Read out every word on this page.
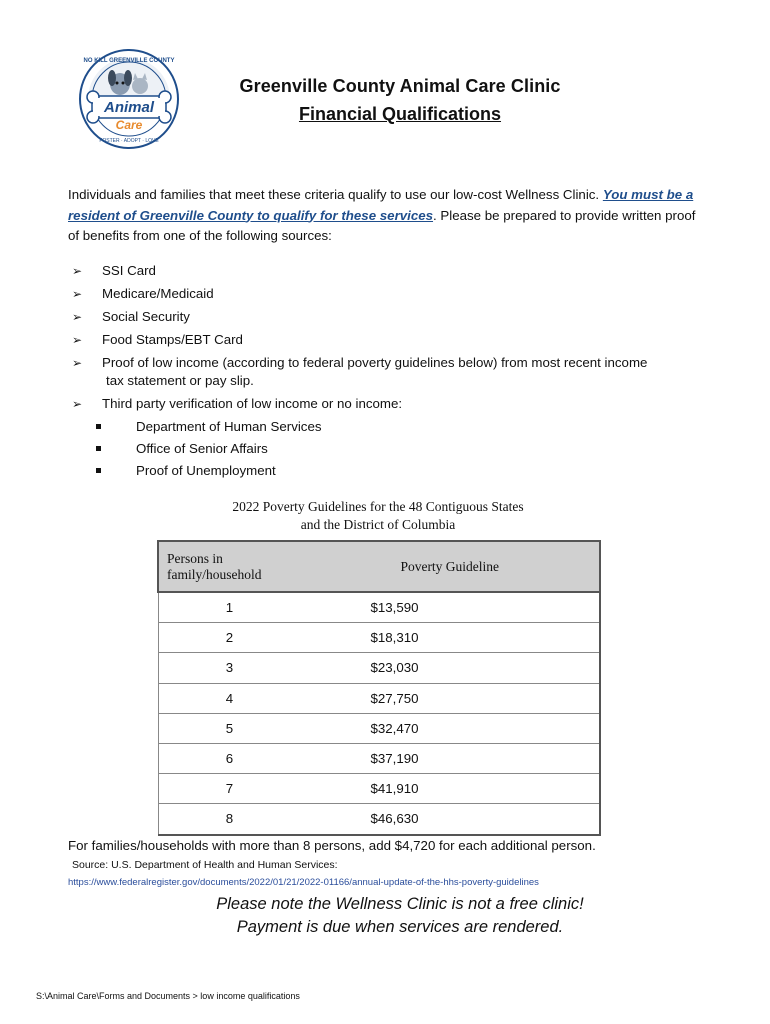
Animal
Care
NO KILL GREENVILLE COUNTY
FOSTER · ADOPT · LOVE
Greenville County Animal Care Clinic
Financial Qualifications
Individuals and families that meet these criteria qualify to use our low-cost Wellness Clinic. You must be a resident of Greenville County to qualify for these services. Please be prepared to provide written proof of benefits from one of the following sources:
➢ SSI Card
➢ Medicare/Medicaid
➢ Social Security
➢ Food Stamps/EBT Card
➢ Proof of low income (according to federal poverty guidelines below) from most recent income
tax statement or pay slip.
➢ Third party verification of low income or no income:
Department of Human Services
Office of Senior Affairs
Proof of Unemployment
2022 Poverty Guidelines for the 48 Contiguous States
and the District of Columbia
Persons in family/household	Poverty Guideline
1	$13,590
2	$18,310
3	$23,030
4	$27,750
5	$32,470
6	$37,190
7	$41,910
8	$46,630
For families/households with more than 8 persons, add $4,720 for each additional person.
Source: U.S. Department of Health and Human Services:
https://www.federalregister.gov/documents/2022/01/21/2022-01166/annual-update-of-the-hhs-poverty-guidelines
Please note the Wellness Clinic is not a free clinic!
Payment is due when services are rendered.
S:\Animal Care\Forms and Documents > low income qualifications
